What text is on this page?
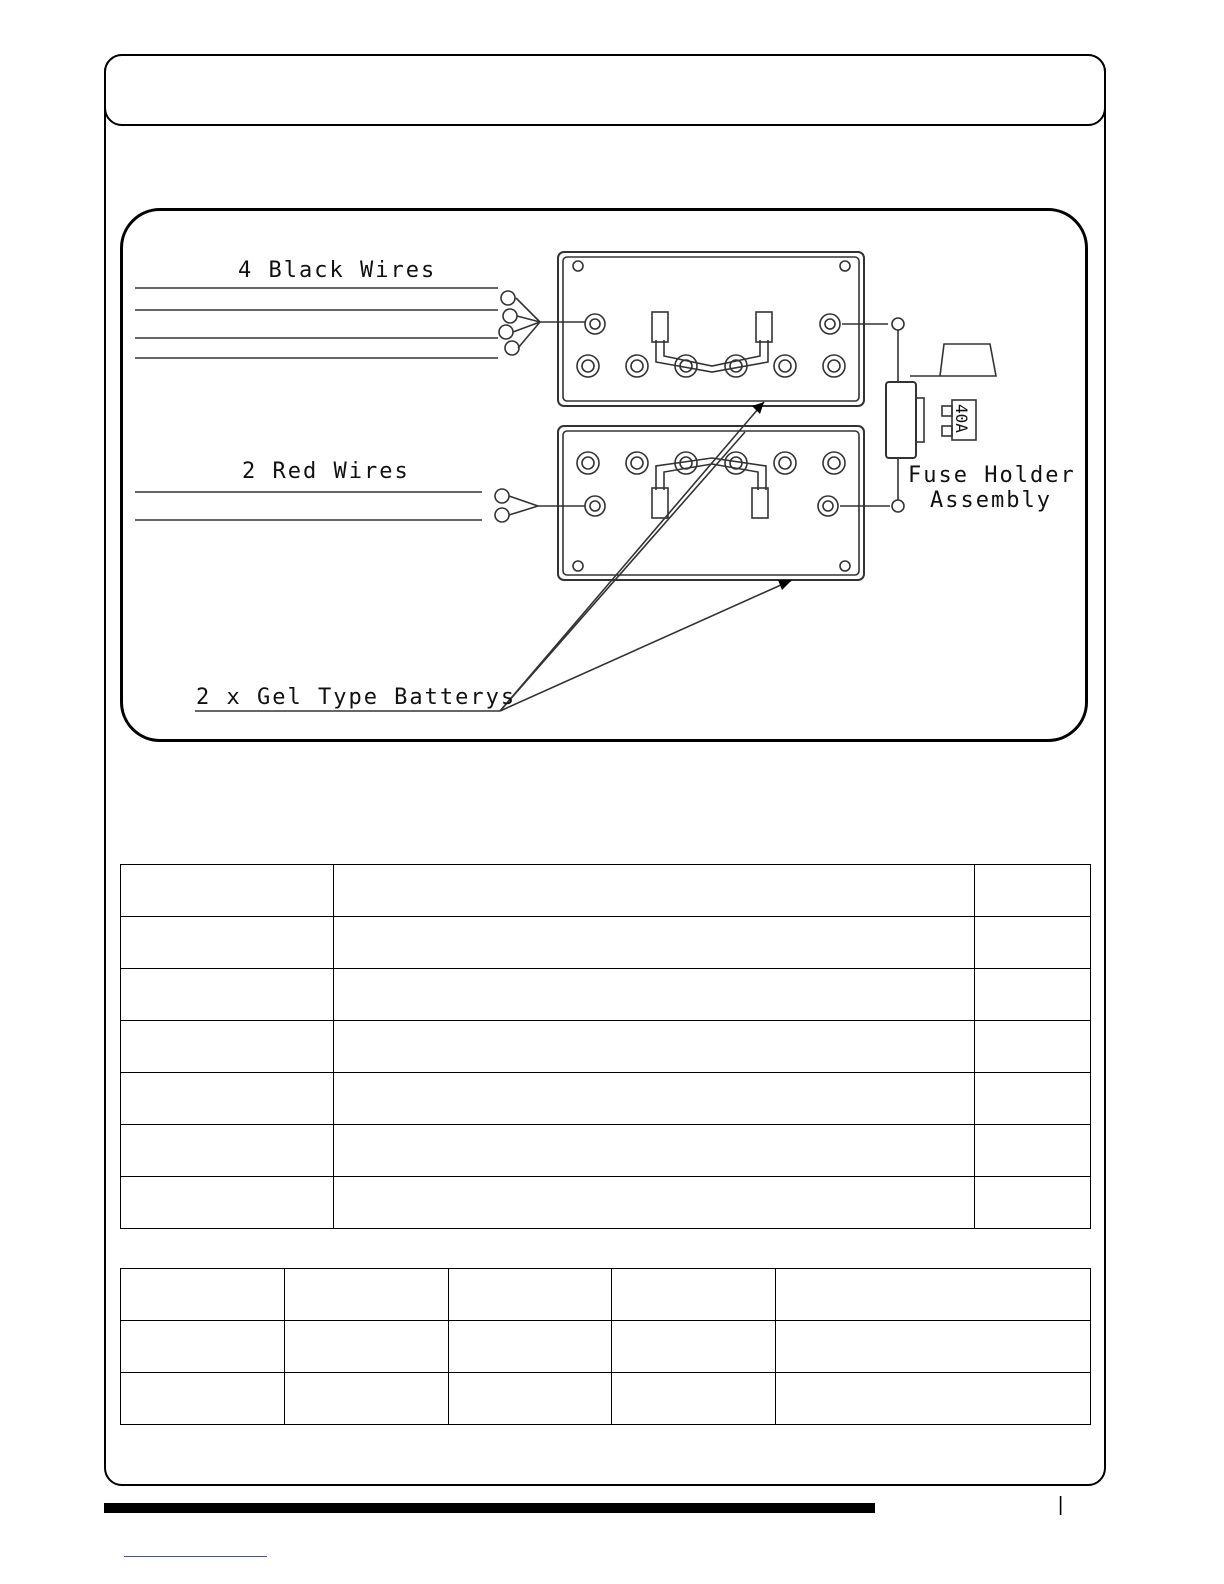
4 Black Wires
2 Red Wires
2 x Gel Type Batterys
Fuse Holder
Assembly
40A

|
